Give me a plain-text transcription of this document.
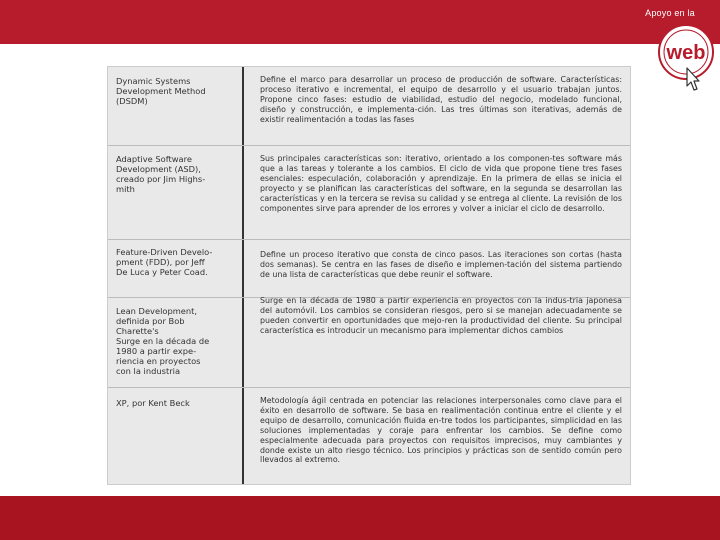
Apoyo en la
web
Dynamic Systems
Development Method
(DSDM)
Define el marco para desarrollar un proceso de producción de software. Características: proceso iterativo e incremental, el equipo de desarrollo y el usuario trabajan juntos. Propone cinco fases: estudio de viabilidad, estudio del negocio, modelado funcional, diseño y construcción, e implementa-ción. Las tres últimas son iterativas, además de existir realimentación a todas las fases
Adaptive Software
Development (ASD),
creado por Jim Highs-
mith
Sus principales características son: iterativo, orientado a los componen-tes software más que a las tareas y tolerante a los cambios. El ciclo de vida que propone tiene tres fases esenciales: especulación, colaboración y aprendizaje. En la primera de ellas se inicia el proyecto y se planifican las características del software, en la segunda se desarrollan las características y en la tercera se revisa su calidad y se entrega al cliente. La revisión de los componentes sirve para aprender de los errores y volver a iniciar el ciclo de desarrollo.
Feature-Driven Develo-
pment (FDD), por Jeff
De Luca y Peter Coad.
Define un proceso iterativo que consta de cinco pasos. Las iteraciones son cortas (hasta dos semanas). Se centra en las fases de diseño e implemen-tación del sistema partiendo de una lista de características que debe reunir el software.
Lean Development,
definida por Bob
Charette's
Surge en la década de
1980 a partir expe-
riencia en proyectos
con la industria
Surge en la década de 1980 a partir experiencia en proyectos con la indus-tria japonesa del automóvil. Los cambios se consideran riesgos, pero si se manejan adecuadamente se pueden convertir en oportunidades que mejo-ren la productividad del cliente. Su principal característica es introducir un mecanismo para implementar dichos cambios
XP, por Kent Beck	Metodología ágil centrada en potenciar las relaciones interpersonales como clave para el éxito en desarrollo de software. Se basa en realimentación continua entre el cliente y el equipo de desarrollo, comunicación fluida en-tre todos los participantes, simplicidad en las soluciones implementadas y coraje para enfrentar los cambios. Se define como especialmente adecuada para proyectos con requisitos imprecisos, muy cambiantes y donde existe un alto riesgo técnico. Los principios y prácticas son de sentido común pero llevados al extremo.
